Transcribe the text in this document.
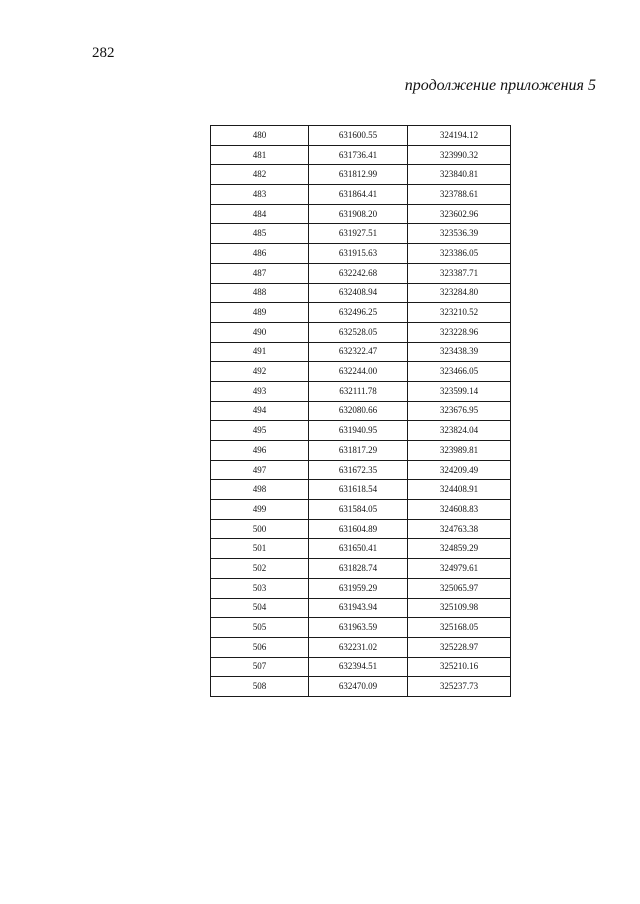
282
продолжение приложения 5
480	631600.55	324194.12
481	631736.41	323990.32
482	631812.99	323840.81
483	631864.41	323788.61
484	631908.20	323602.96
485	631927.51	323536.39
486	631915.63	323386.05
487	632242.68	323387.71
488	632408.94	323284.80
489	632496.25	323210.52
490	632528.05	323228.96
491	632322.47	323438.39
492	632244.00	323466.05
493	632111.78	323599.14
494	632080.66	323676.95
495	631940.95	323824.04
496	631817.29	323989.81
497	631672.35	324209.49
498	631618.54	324408.91
499	631584.05	324608.83
500	631604.89	324763.38
501	631650.41	324859.29
502	631828.74	324979.61
503	631959.29	325065.97
504	631943.94	325109.98
505	631963.59	325168.05
506	632231.02	325228.97
507	632394.51	325210.16
508	632470.09	325237.73
